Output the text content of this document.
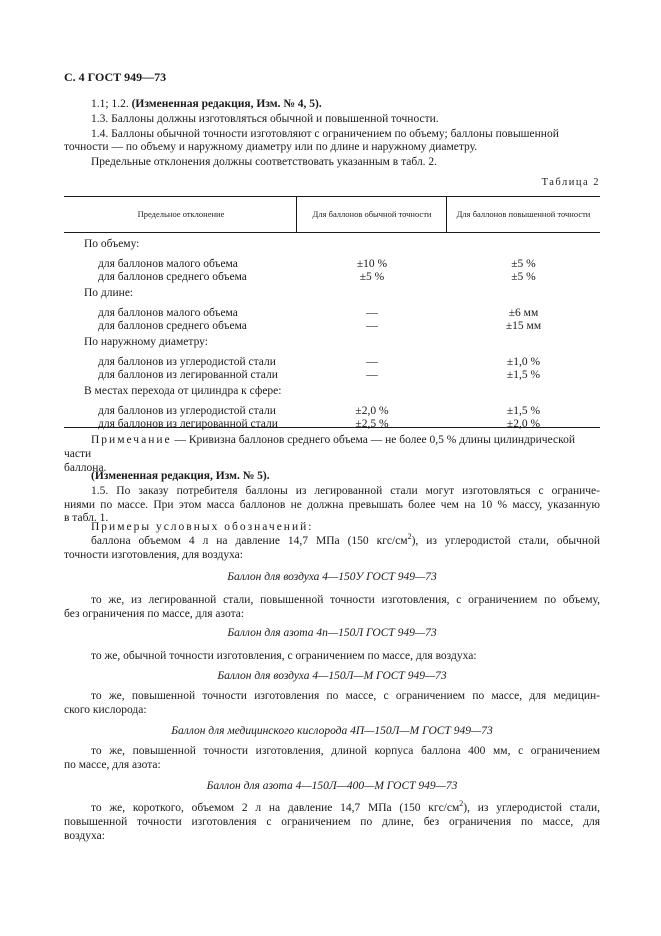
С. 4 ГОСТ 949—73

1.1; 1.2. (Измененная редакция, Изм. № 4, 5).

1.3. Баллоны должны изготовляться обычной и повышенной точности.

1.4. Баллоны обычной точности изготовляют с ограничением по объему; баллоны повышенной

точности — по объему и наружному диаметру или по длине и наружному диаметру.

Предельные отклонения должны соответствовать указанным в табл. 2.

Таблица 2
Предельное отклонение	Для баллонов обычной точности	Для баллонов повышенной точности
По объему:
для баллонов малого объема	±10 %	±5 %
для баллонов среднего объема	±5 %	±5 %
По длине:
для баллонов малого объема	—	±6 мм
для баллонов среднего объема	—	±15 мм
По наружному диаметру:
для баллонов из углеродистой стали	—	±1,0 %
для баллонов из легированной стали	—	±1,5 %
В местах перехода от цилиндра к сфере:
для баллонов из углеродистой стали	±2,0 %	±1,5 %
для баллонов из легированной стали	±2,5 %	±2,0 %

Примечание — Кривизна баллонов среднего объема — не более 0,5 % длины цилиндрической части

баллона.

(Измененная редакция, Изм. № 5).

1.5. По заказу потребителя баллоны из легированной стали могут изготовляться с ограниче-

ниями по массе. При этом масса баллонов не должна превышать более чем на 10 % массу, указанную

в табл. 1.

Примеры условных обозначений:

баллона объемом 4 л на давление 14,7 МПа (150 кгс/$см^2$), из углеродистой стали, обычной

точности изготовления, для воздуха:

Баллон для воздуха 4—150У ГОСТ 949—73

то же, из легированной стали, повышенной точности изготовления, с ограничением по объему,

без ограничения по массе, для азота:

Баллон для азота 4п—150Л ГОСТ 949—73

то же, обычной точности изготовления, с ограничением по массе, для воздуха:

Баллон для воздуха 4—150Л—М ГОСТ 949—73

то же, повышенной точности изготовления по массе, с ограничением по массе, для медицин-

ского кислорода:

Баллон для медицинского кислорода 4П—150Л—М ГОСТ 949—73

то же, повышенной точности изготовления, длиной корпуса баллона 400 мм, с ограничением

по массе, для азота:

Баллон для азота 4—150Л—400—М ГОСТ 949—73

то же, короткого, объемом 2 л на давление 14,7 МПа (150 кгс/$см^2$), из углеродистой стали,

повышенной точности изготовления с ограничением по длине, без ограничения по массе, для

воздуха:
